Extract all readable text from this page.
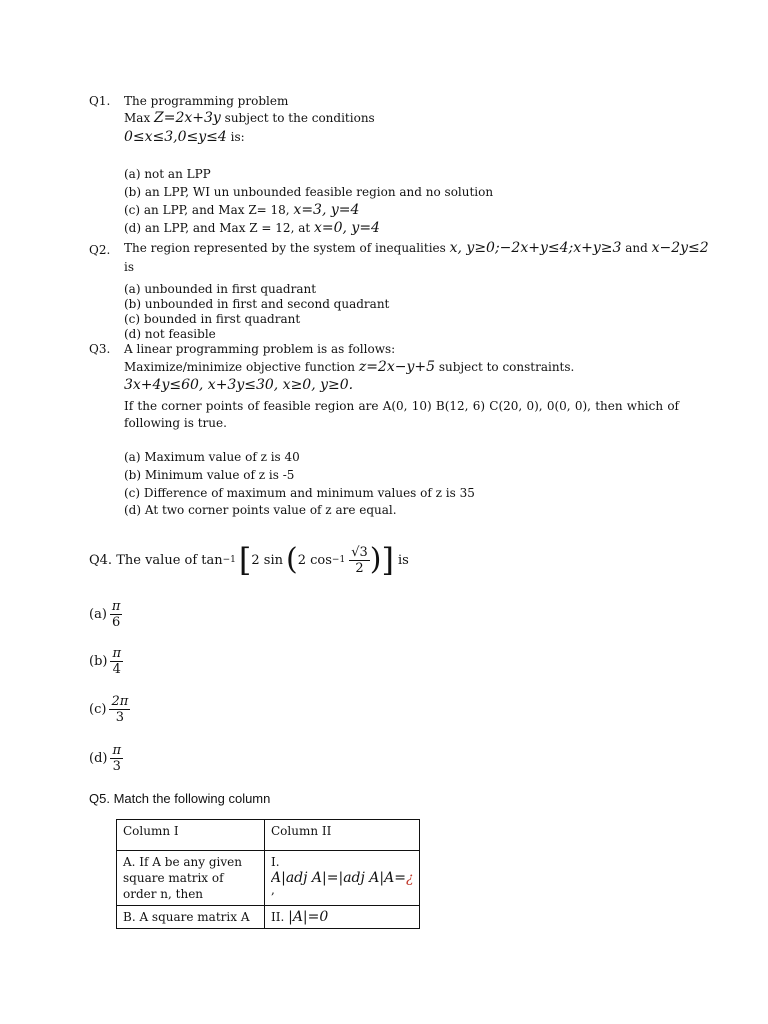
Q1. The programming problem
Max Z=2x+3y subject to the conditions
0≤x≤3,0≤y≤4 is:
(a) not an LPP
(b) an LPP, WI un unbounded feasible region and no solution
(c) an LPP, and Max Z= 18, x=3, y=4
(d) an LPP, and Max Z = 12, at x=0, y=4
Q2. The region represented by the system of inequalities x, y≥0;−2x+y≤4;x+y≥3 and x−2y≤2
is
(a) unbounded in first quadrant
(b) unbounded in first and second quadrant
(c) bounded in first quadrant
(d) not feasible
Q3. A linear programming problem is as follows:
Maximize/minimize objective function z=2x−y+5 subject to constraints.
3x+4y≤60, x+3y≤30, x≥0, y≥0.
If the corner points of feasible region are A(0, 10) B(12, 6) C(20, 0), 0(0, 0), then which of following is true.
(a) Maximum value of z is 40
(b) Minimum value of z is -5
(c) Difference of maximum and minimum values of z is 35
(d) At two corner points value of z are equal.
Q4. The value of tan −1 [ 2 sin ( 2 $\cos -1 \frac{√3}{2}$ ) ] is
$(a) \frac{\pi}{6}$
$(b) \frac{\pi}{4}$
$(c) \frac{2\pi}{3}$
$(d) \frac{\pi}{3}$
Q5. Match the following column
Column I	Column II
A. If A be any given square matrix of order n, then	I.
A|adj A|=|adj A|A=¿
,

B. A square matrix A	II. |A|=0
